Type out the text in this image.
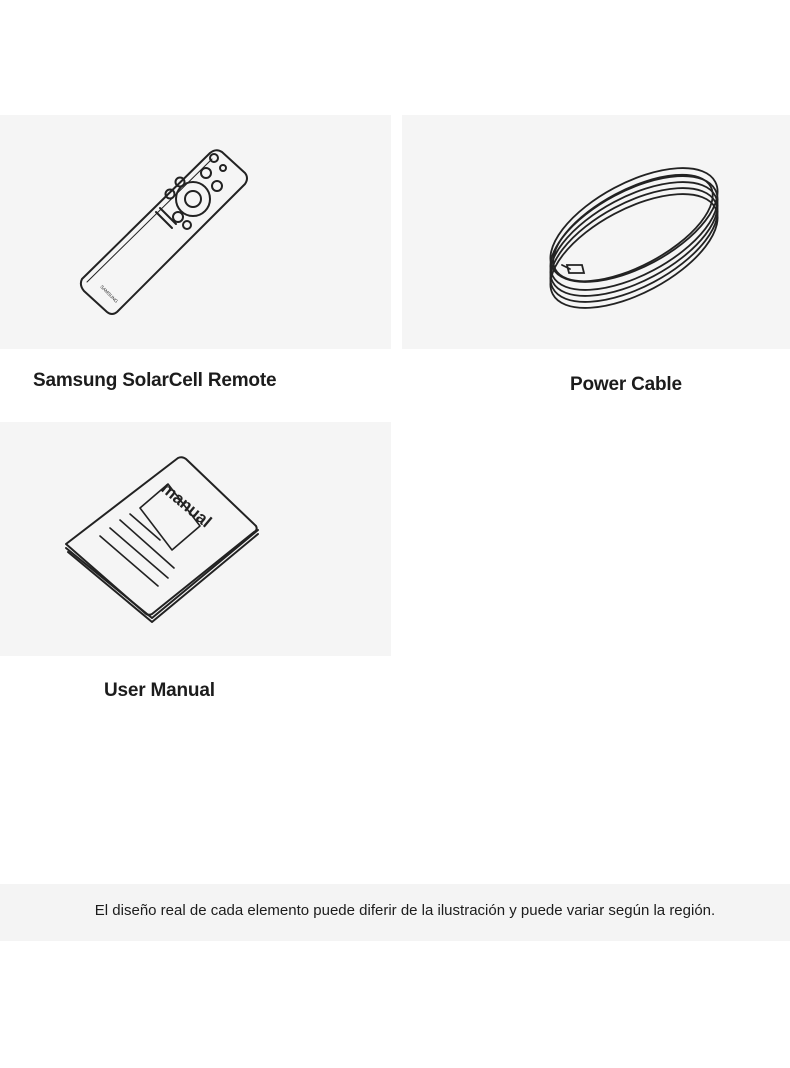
SAMSUNG
Samsung SolarCell Remote	Power Cable
manual
User Manual
El diseño real de cada elemento puede diferir de la ilustración y puede variar según la región.
